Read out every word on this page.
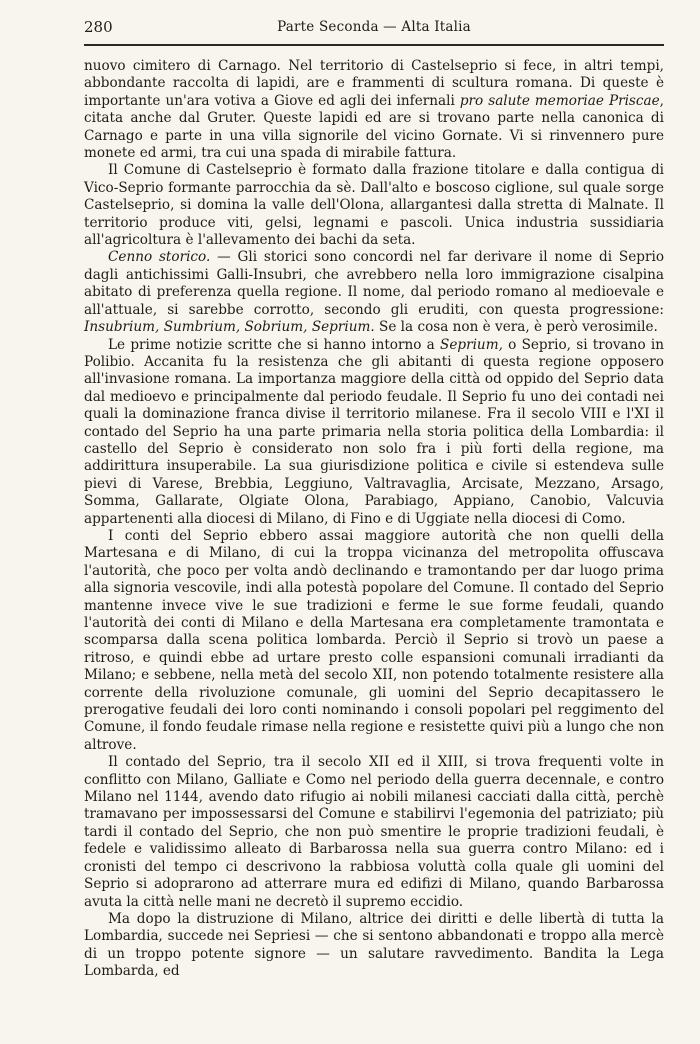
280	Parte Seconda — Alta Italia

nuovo cimitero di Carnago. Nel territorio di Castelseprio si fece, in altri tempi, abbondante raccolta di lapidi, are e frammenti di scultura romana. Di queste è importante un'ara votiva a Giove ed agli dei infernali pro salute memoriae Priscae, citata anche dal Gruter. Queste lapidi ed are si trovano parte nella canonica di Carnago e parte in una villa signorile del vicino Gornate. Vi si rinvennero pure monete ed armi, tra cui una spada di mirabile fattura.

Il Comune di Castelseprio è formato dalla frazione titolare e dalla contigua di Vico-Seprio formante parrocchia da sè. Dall'alto e boscoso ciglione, sul quale sorge Castelseprio, si domina la valle dell'Olona, allargantesi dalla stretta di Malnate. Il territorio produce viti, gelsi, legnami e pascoli. Unica industria sussidiaria all'agricoltura è l'allevamento dei bachi da seta.

Cenno storico. — Gli storici sono concordi nel far derivare il nome di Seprio dagli antichissimi Galli-Insubri, che avrebbero nella loro immigrazione cisalpina abitato di preferenza quella regione. Il nome, dal periodo romano al medioevale e all'attuale, si sarebbe corrotto, secondo gli eruditi, con questa progressione: Insubrium, Sumbrium, Sobrium, Seprium. Se la cosa non è vera, è però verosimile.

Le prime notizie scritte che si hanno intorno a Seprium, o Seprio, si trovano in Polibio. Accanita fu la resistenza che gli abitanti di questa regione opposero all'invasione romana. La importanza maggiore della città od oppido del Seprio data dal medioevo e principalmente dal periodo feudale. Il Seprio fu uno dei contadi nei quali la dominazione franca divise il territorio milanese. Fra il secolo VIII e l'XI il contado del Seprio ha una parte primaria nella storia politica della Lombardia: il castello del Seprio è considerato non solo fra i più forti della regione, ma addirittura insuperabile. La sua giurisdizione politica e civile si estendeva sulle pievi di Varese, Brebbia, Leggiuno, Valtravaglia, Arcisate, Mezzano, Arsago, Somma, Gallarate, Olgiate Olona, Parabiago, Appiano, Canobio, Valcuvia appartenenti alla diocesi di Milano, di Fino e di Uggiate nella diocesi di Como.

I conti del Seprio ebbero assai maggiore autorità che non quelli della Martesana e di Milano, di cui la troppa vicinanza del metropolita offuscava l'autorità, che poco per volta andò declinando e tramontando per dar luogo prima alla signoria vescovile, indi alla potestà popolare del Comune. Il contado del Seprio mantenne invece vive le sue tradizioni e ferme le sue forme feudali, quando l'autorità dei conti di Milano e della Martesana era completamente tramontata e scomparsa dalla scena politica lombarda. Perciò il Seprio si trovò un paese a ritroso, e quindi ebbe ad urtare presto colle espansioni comunali irradianti da Milano; e sebbene, nella metà del secolo XII, non potendo totalmente resistere alla corrente della rivoluzione comunale, gli uomini del Seprio decapitassero le prerogative feudali dei loro conti nominando i consoli popolari pel reggimento del Comune, il fondo feudale rimase nella regione e resistette quivi più a lungo che non altrove.

Il contado del Seprio, tra il secolo XII ed il XIII, si trova frequenti volte in conflitto con Milano, Galliate e Como nel periodo della guerra decennale, e contro Milano nel 1144, avendo dato rifugio ai nobili milanesi cacciati dalla città, perchè tramavano per impossessarsi del Comune e stabilirvi l'egemonia del patriziato; più tardi il contado del Seprio, che non può smentire le proprie tradizioni feudali, è fedele e validissimo alleato di Barbarossa nella sua guerra contro Milano: ed i cronisti del tempo ci descrivono la rabbiosa voluttà colla quale gli uomini del Seprio si adoprarono ad atterrare mura ed edifizi di Milano, quando Barbarossa avuta la città nelle mani ne decretò il supremo eccidio.

Ma dopo la distruzione di Milano, altrice dei diritti e delle libertà di tutta la Lombardia, succede nei Sepriesi — che si sentono abbandonati e troppo alla mercè di un troppo potente signore — un salutare ravvedimento. Bandita la Lega Lombarda, ed
